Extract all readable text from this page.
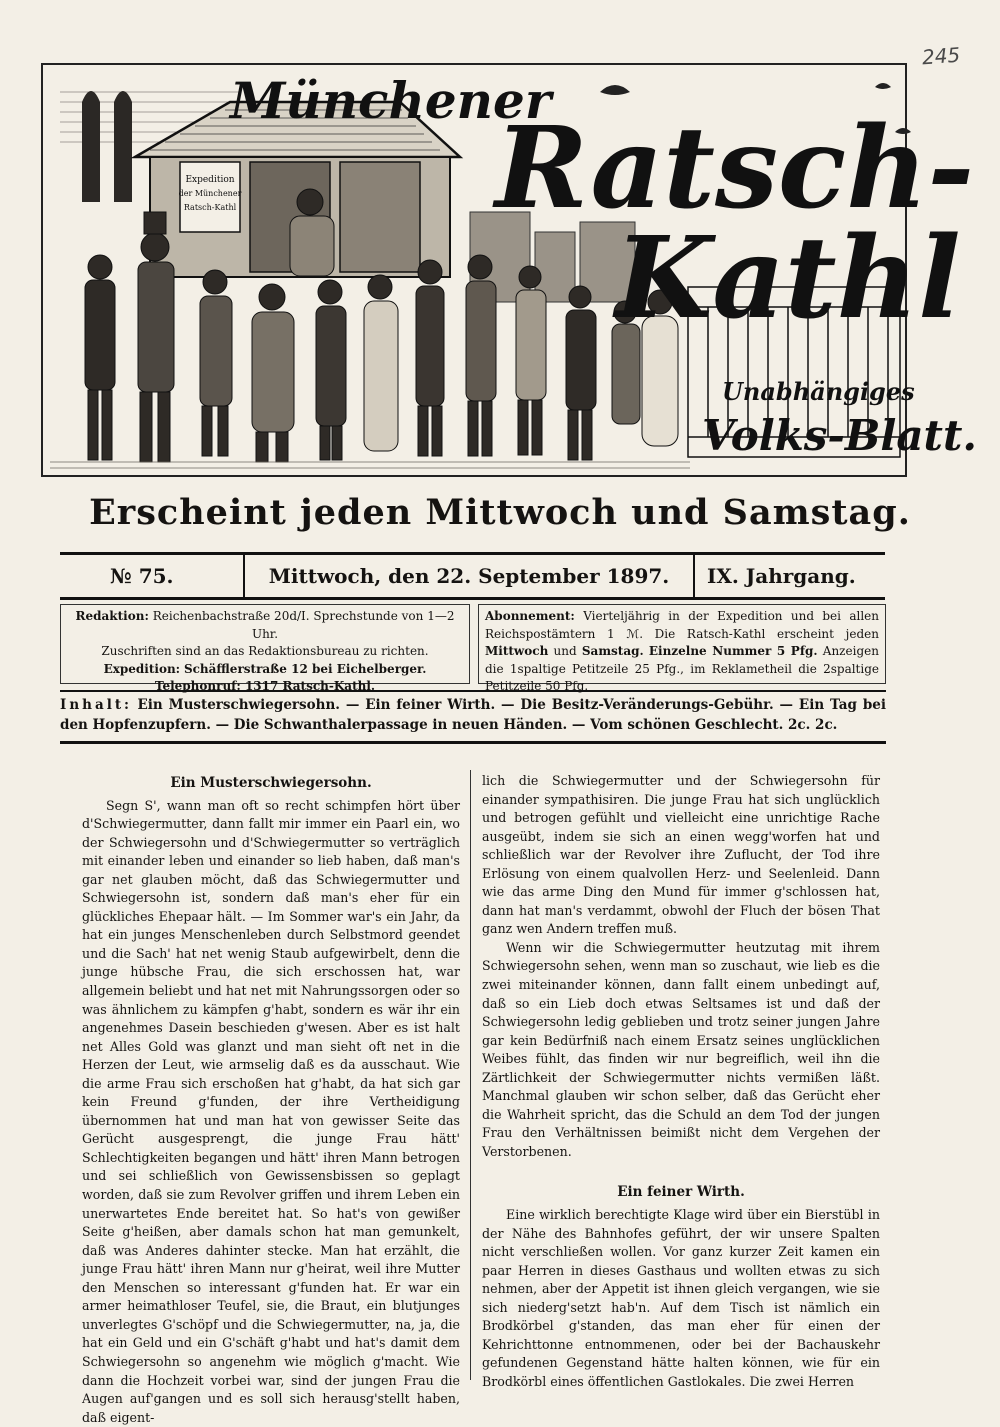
245
Expedition
der Münchener
Ratsch-Kathl
Münchener
Ratsch-
Kathl
Unabhängiges
Volks-Blatt.
Erscheint jeden Mittwoch und Samstag.
№ 75.	Mittwoch, den 22. September 1897.	IX. Jahrgang.
Redaktion: Reichenbachstraße 20d/I. Sprechstunde von 1—2 Uhr.
Zuschriften sind an das Redaktionsbureau zu richten.
Expedition: Schäfflerstraße 12 bei Eichelberger.
Telephonruf: 1317 Ratsch-Kathl.
Abonnement: Vierteljährig in der Expedition und bei allen Reichspostämtern 1 ℳ. Die Ratsch-Kathl erscheint jeden Mittwoch und Samstag. Einzelne Nummer 5 Pfg. Anzeigen die 1spaltige Petitzeile 25 Pfg., im Reklametheil die 2spaltige Petitzeile 50 Pfg.
Inhalt: Ein Musterschwiegersohn. — Ein feiner Wirth. — Die Besitz-Veränderungs-Gebühr. — Ein Tag bei den Hopfenzupfern. — Die Schwanthalerpassage in neuen Händen. — Vom schönen Geschlecht. 2c. 2c.

Ein Musterschwiegersohn.

Segn S', wann man oft so recht schimpfen hört über d'Schwiegermutter, dann fallt mir immer ein Paarl ein, wo der Schwiegersohn und d'Schwiegermutter so verträglich mit einander leben und einander so lieb haben, daß man's gar net glauben möcht, daß das Schwiegermutter und Schwiegersohn ist, sondern daß man's eher für ein glückliches Ehepaar hält. — Im Sommer war's ein Jahr, da hat ein junges Menschenleben durch Selbstmord geendet und die Sach' hat net wenig Staub aufgewirbelt, denn die junge hübsche Frau, die sich erschossen hat, war allgemein beliebt und hat net mit Nahrungssorgen oder so was ähnlichem zu kämpfen g'habt, sondern es wär ihr ein angenehmes Dasein beschieden g'wesen. Aber es ist halt net Alles Gold was glanzt und man sieht oft net in die Herzen der Leut, wie armselig daß es da ausschaut. Wie die arme Frau sich erschoßen hat g'habt, da hat sich gar kein Freund g'funden, der ihre Vertheidigung übernommen hat und man hat von gewisser Seite das Gerücht ausgesprengt, die junge Frau hätt' Schlechtigkeiten begangen und hätt' ihren Mann betrogen und sei schließlich von Gewissensbissen so geplagt worden, daß sie zum Revolver griffen und ihrem Leben ein unerwartetes Ende bereitet hat. So hat's von gewißer Seite g'heißen, aber damals schon hat man gemunkelt, daß was Anderes dahinter stecke. Man hat erzählt, die junge Frau hätt' ihren Mann nur g'heirat, weil ihre Mutter den Menschen so interessant g'funden hat. Er war ein armer heimathloser Teufel, sie, die Braut, ein blutjunges unverlegtes G'schöpf und die Schwiegermutter, na, ja, die hat ein Geld und ein G'schäft g'habt und hat's damit dem Schwiegersohn so angenehm wie möglich g'macht. Wie dann die Hochzeit vorbei war, sind der jungen Frau die Augen auf'gangen und es soll sich herausg'stellt haben, daß eigent-

lich die Schwiegermutter und der Schwiegersohn für einander sympathisiren. Die junge Frau hat sich unglücklich und betrogen gefühlt und vielleicht eine unrichtige Rache ausgeübt, indem sie sich an einen wegg'worfen hat und schließlich war der Revolver ihre Zuflucht, der Tod ihre Erlösung von einem qualvollen Herz- und Seelenleid. Dann wie das arme Ding den Mund für immer g'schlossen hat, dann hat man's verdammt, obwohl der Fluch der bösen That ganz wen Andern treffen muß.

Wenn wir die Schwiegermutter heutzutag mit ihrem Schwiegersohn sehen, wenn man so zuschaut, wie lieb es die zwei miteinander können, dann fallt einem unbedingt auf, daß so ein Lieb doch etwas Seltsames ist und daß der Schwiegersohn ledig geblieben und trotz seiner jungen Jahre gar kein Bedürfniß nach einem Ersatz seines unglücklichen Weibes fühlt, das finden wir nur begreiflich, weil ihn die Zärtlichkeit der Schwiegermutter nichts vermißen läßt. Manchmal glauben wir schon selber, daß das Gerücht eher die Wahrheit spricht, das die Schuld an dem Tod der jungen Frau den Verhältnissen beimißt nicht dem Vergehen der Verstorbenen.

Ein feiner Wirth.

Eine wirklich berechtigte Klage wird über ein Bierstübl in der Nähe des Bahnhofes geführt, der wir unsere Spalten nicht verschließen wollen. Vor ganz kurzer Zeit kamen ein paar Herren in dieses Gasthaus und wollten etwas zu sich nehmen, aber der Appetit ist ihnen gleich vergangen, wie sie sich niederg'setzt hab'n. Auf dem Tisch ist nämlich ein Brodkörbel g'standen, das man eher für einen der Kehrichttonne entnommenen, oder bei der Bachauskehr gefundenen Gegenstand hätte halten können, wie für ein Brodkörbl eines öffentlichen Gastlokales. Die zwei Herren
